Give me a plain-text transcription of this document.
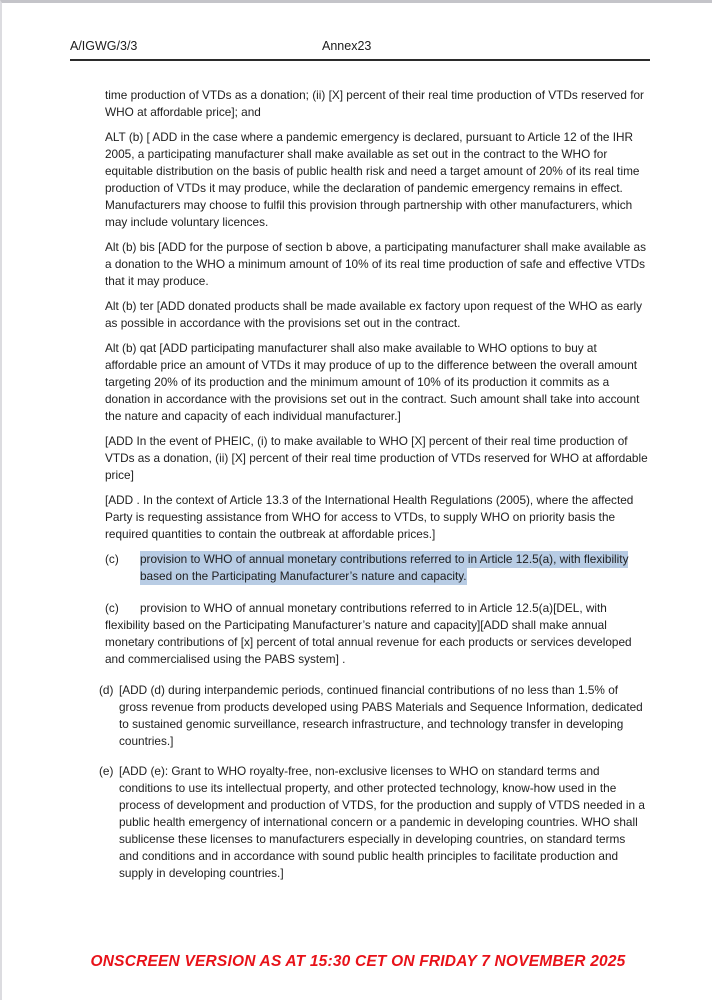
A/IGWG/3/3	Annex23
time production of VTDs as a donation; (ii) [X] percent of their real time production of VTDs reserved for WHO at affordable price]; and
ALT (b) [ ADD in the case where a pandemic emergency is declared, pursuant to Article 12 of the IHR 2005, a participating manufacturer shall make available as set out in the contract to the WHO for equitable distribution on the basis of public health risk and need a target amount of 20% of its real time production of VTDs it may produce, while the declaration of pandemic emergency remains in effect. Manufacturers may choose to fulfil this provision through partnership with other manufacturers, which may include voluntary licences.
Alt (b) bis [ADD for the purpose of section b above, a participating manufacturer shall make available as a donation to the WHO a minimum amount of 10% of its real time production of safe and effective VTDs that it may produce.
Alt (b) ter [ADD donated products shall be made available ex factory upon request of the WHO as early as possible in accordance with the provisions set out in the contract.
Alt (b) qat [ADD participating manufacturer shall also make available to WHO options to buy at affordable price an amount of VTDs it may produce of up to the difference between the overall amount targeting 20% of its production and the minimum amount of 10% of its production it commits as a donation in accordance with the provisions set out in the contract. Such amount shall take into account the nature and capacity of each individual manufacturer.]
[ADD In the event of PHEIC, (i) to make available to WHO [X] percent of their real time production of VTDs as a donation, (ii) [X] percent of their real time production of VTDs reserved for WHO at affordable price]
[ADD . In the context of Article 13.3 of the International Health Regulations (2005), where the affected Party is requesting assistance from WHO for access to VTDs, to supply WHO on priority basis the required quantities to contain the outbreak at affordable prices.]
(c) provision to WHO of annual monetary contributions referred to in Article 12.5(a), with flexibility based on the Participating Manufacturer’s nature and capacity.
(c) provision to WHO of annual monetary contributions referred to in Article 12.5(a)[DEL, with flexibility based on the Participating Manufacturer’s nature and capacity][ADD shall make annual monetary contributions of [x] percent of total annual revenue for each products or services developed and commercialised using the PABS system] .
(d) [ADD (d) during interpandemic periods, continued financial contributions of no less than 1.5% of gross revenue from products developed using PABS Materials and Sequence Information, dedicated to sustained genomic surveillance, research infrastructure, and technology transfer in developing countries.]
(e) [ADD (e): Grant to WHO royalty-free, non-exclusive licenses to WHO on standard terms and conditions to use its intellectual property, and other protected technology, know-how used in the process of development and production of VTDS, for the production and supply of VTDS needed in a public health emergency of international concern or a pandemic in developing countries. WHO shall sublicense these licenses to manufacturers especially in developing countries, on standard terms and conditions and in accordance with sound public health principles to facilitate production and supply in developing countries.]
ONSCREEN VERSION AS AT 15:30 CET ON FRIDAY 7 NOVEMBER 2025
